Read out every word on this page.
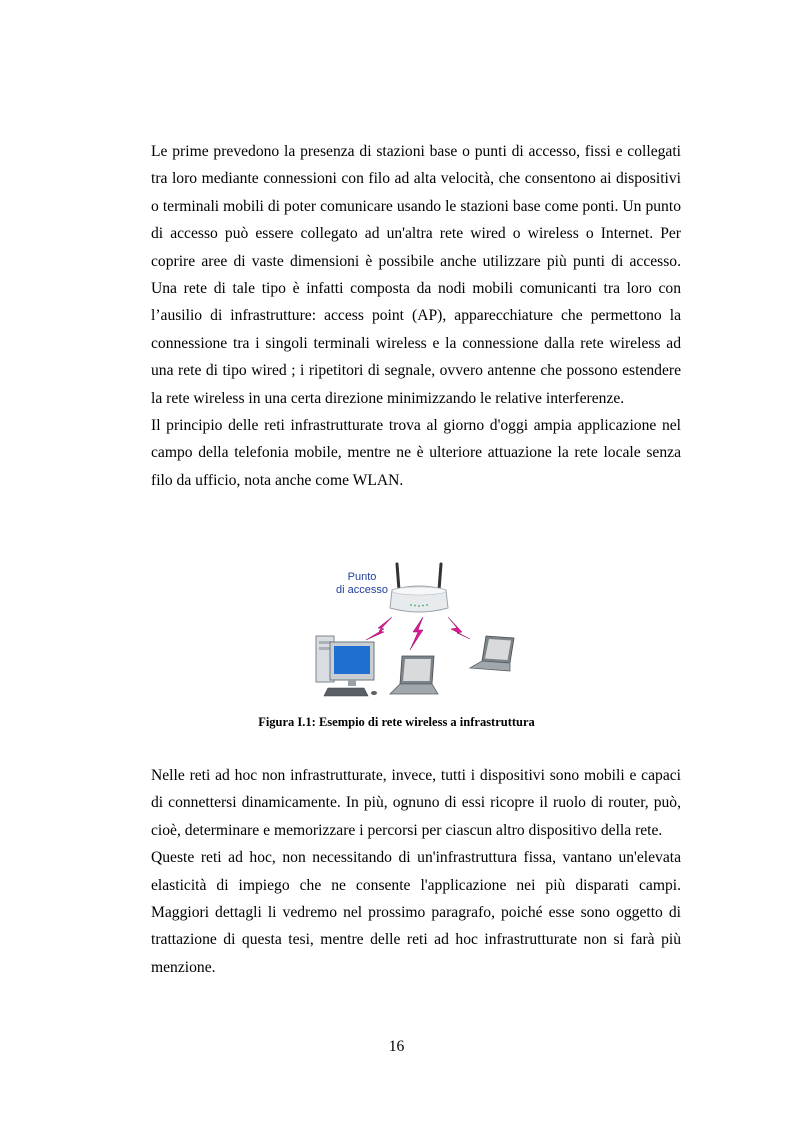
Le prime prevedono la presenza di stazioni base o punti di accesso, fissi e collegati tra loro mediante connessioni con filo ad alta velocità, che consentono ai dispositivi o terminali mobili di poter comunicare usando le stazioni base come ponti. Un punto di accesso può essere collegato ad un'altra rete wired o wireless o Internet. Per coprire aree di vaste dimensioni è possibile anche utilizzare più punti di accesso. Una rete di tale tipo è infatti composta da nodi mobili comunicanti tra loro con l’ausilio di infrastrutture: access point (AP), apparecchiature che permettono la connessione tra i singoli terminali wireless e la connessione dalla rete wireless ad una rete di tipo wired ; i ripetitori di segnale, ovvero antenne che possono estendere la rete wireless in una certa direzione minimizzando le relative interferenze.

Il principio delle reti infrastrutturate trova al giorno d'oggi ampia applicazione nel campo della telefonia mobile, mentre ne è ulteriore attuazione la rete locale senza filo da ufficio, nota anche come WLAN.

Punto
di accesso
Figura I.1: Esempio di rete wireless a infrastruttura

Nelle reti ad hoc non infrastrutturate, invece, tutti i dispositivi sono mobili e capaci di connettersi dinamicamente. In più, ognuno di essi ricopre il ruolo di router, può, cioè, determinare e memorizzare i percorsi per ciascun altro dispositivo della rete.

Queste reti ad hoc, non necessitando di un'infrastruttura fissa, vantano un'elevata elasticità di impiego che ne consente l'applicazione nei più disparati campi. Maggiori dettagli li vedremo nel prossimo paragrafo, poiché esse sono oggetto di trattazione di questa tesi, mentre delle reti ad hoc infrastrutturate non si farà più menzione.

16
